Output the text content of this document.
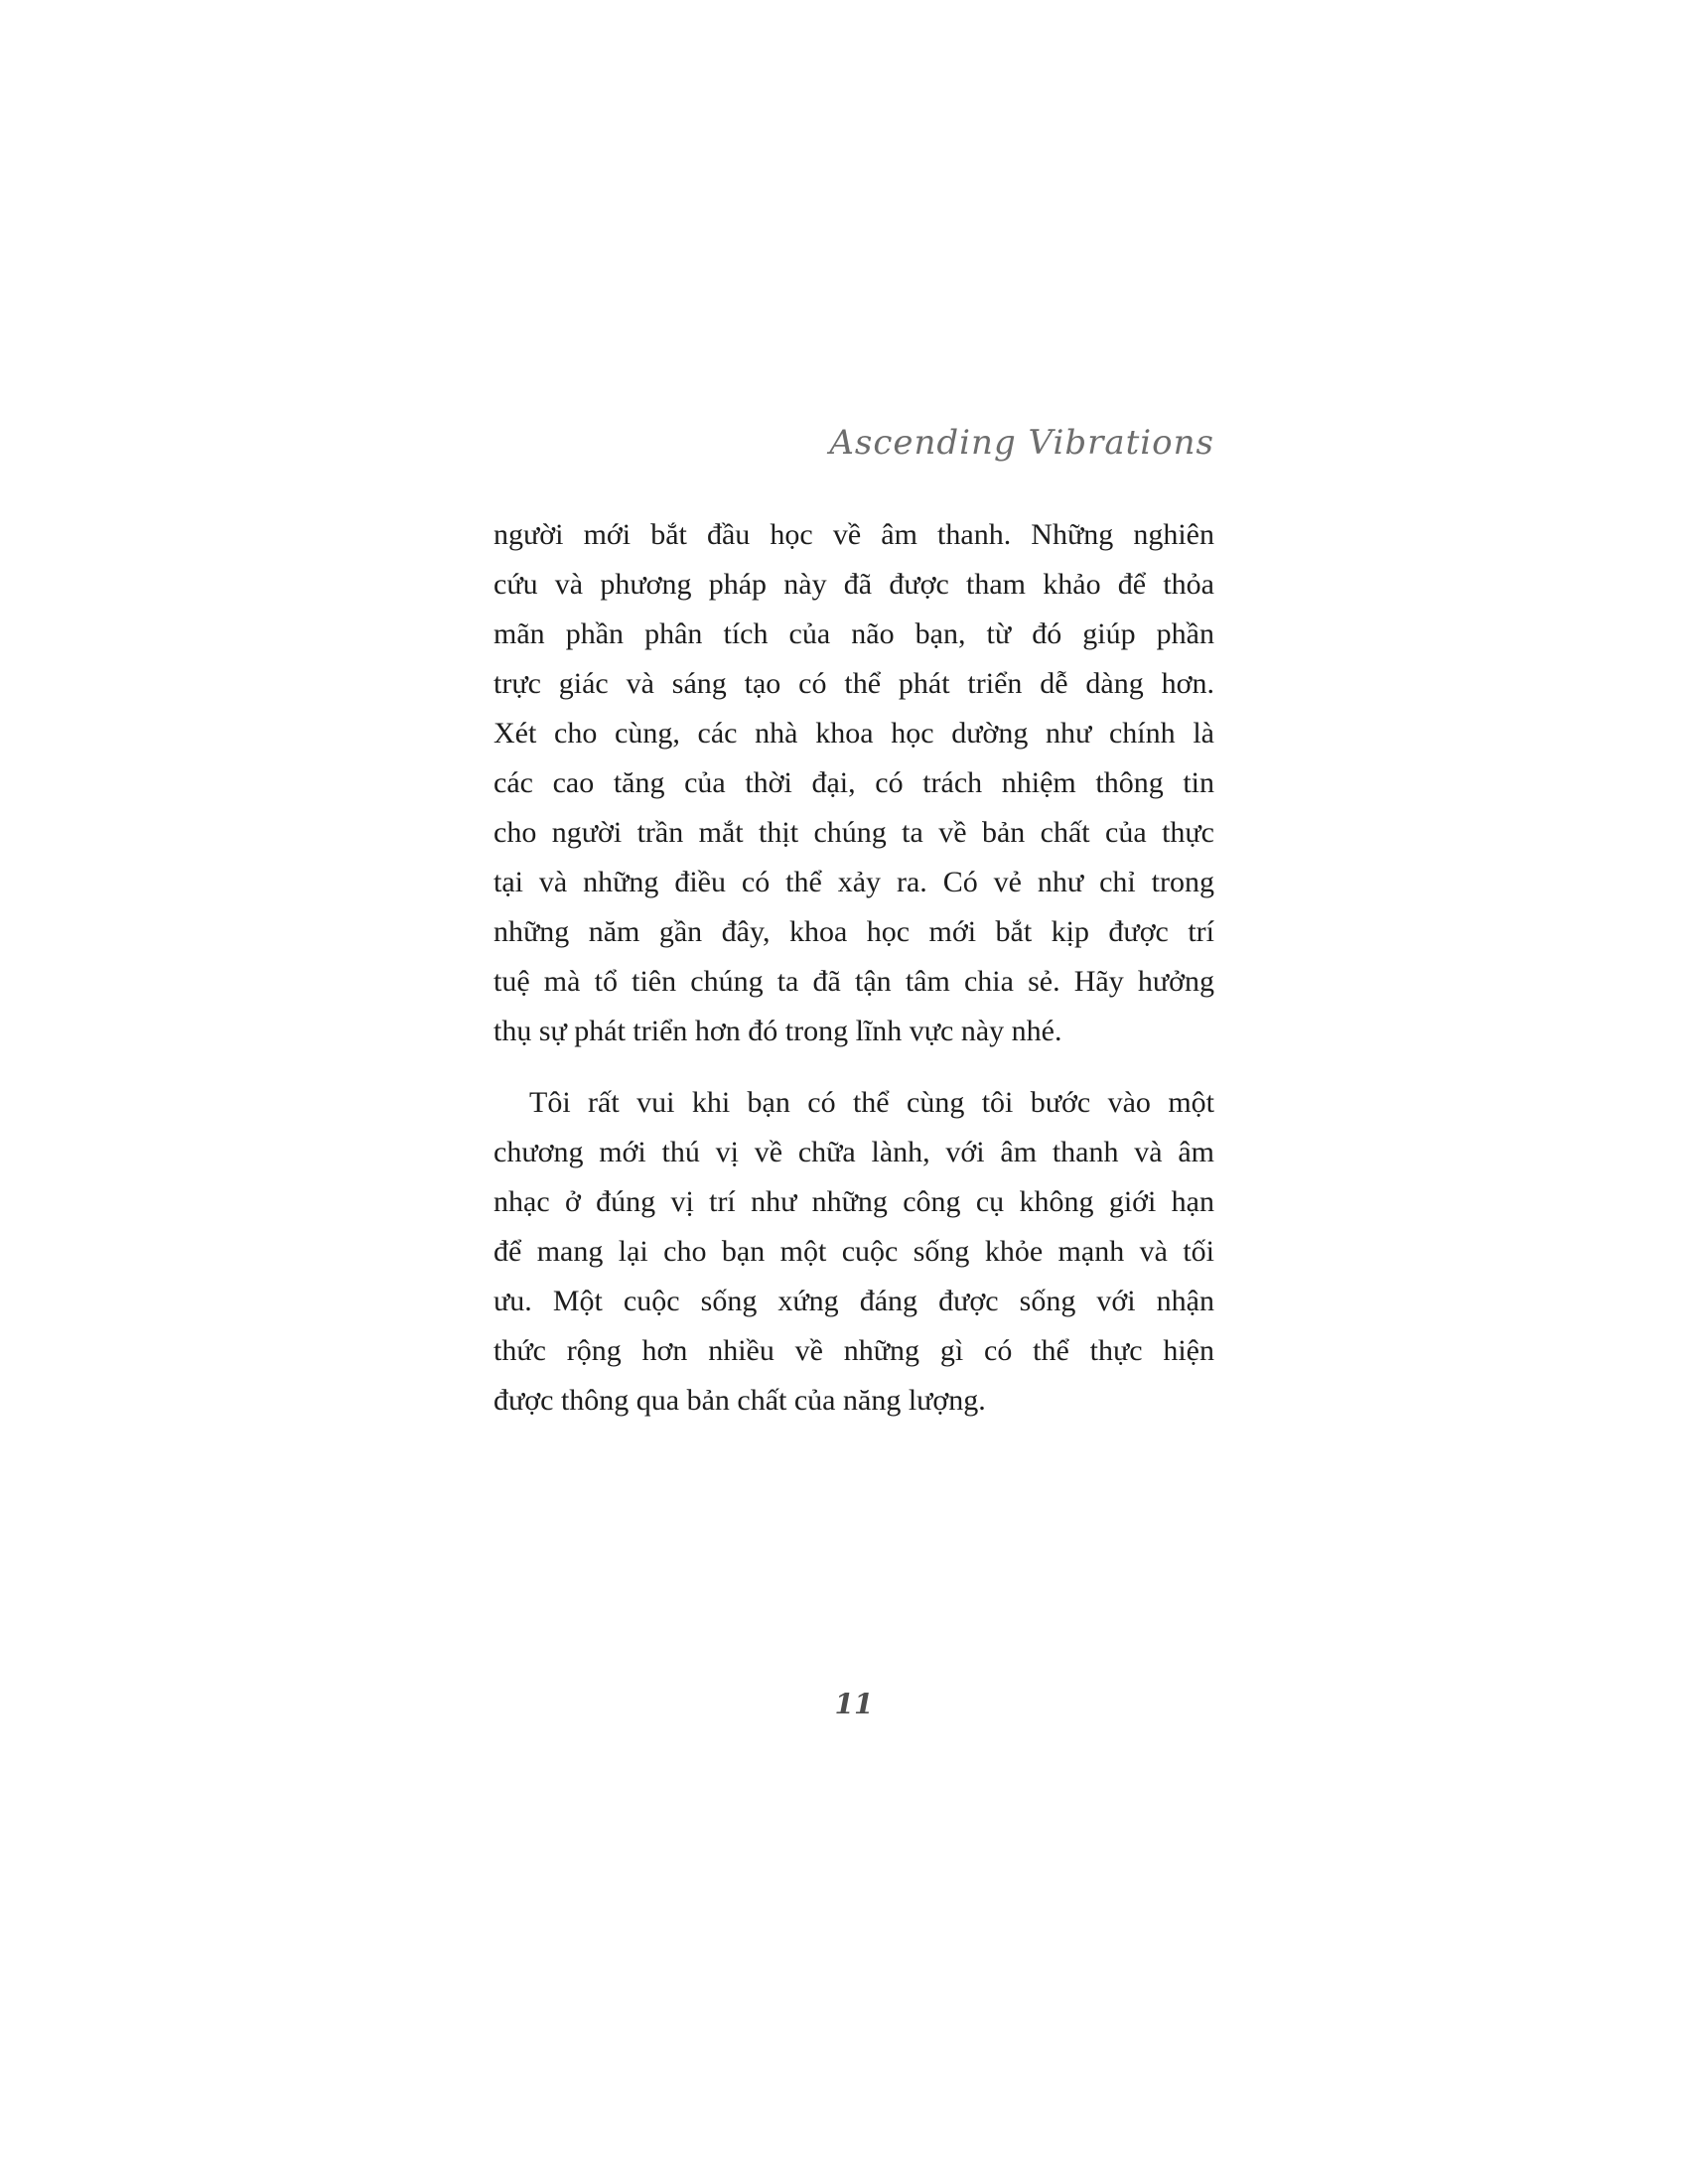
Ascending Vibrations
người mới bắt đầu học về âm thanh. Những nghiên
cứu và phương pháp này đã được tham khảo để thỏa
mãn phần phân tích của não bạn, từ đó giúp phần
trực giác và sáng tạo có thể phát triển dễ dàng hơn.
Xét cho cùng, các nhà khoa học dường như chính là
các cao tăng của thời đại, có trách nhiệm thông tin
cho người trần mắt thịt chúng ta về bản chất của thực
tại và những điều có thể xảy ra. Có vẻ như chỉ trong
những năm gần đây, khoa học mới bắt kịp được trí
tuệ mà tổ tiên chúng ta đã tận tâm chia sẻ. Hãy hưởng
thụ sự phát triển hơn đó trong lĩnh vực này nhé.
Tôi rất vui khi bạn có thể cùng tôi bước vào một
chương mới thú vị về chữa lành, với âm thanh và âm
nhạc ở đúng vị trí như những công cụ không giới hạn
để mang lại cho bạn một cuộc sống khỏe mạnh và tối
ưu. Một cuộc sống xứng đáng được sống với nhận
thức rộng hơn nhiều về những gì có thể thực hiện
được thông qua bản chất của năng lượng.
11
